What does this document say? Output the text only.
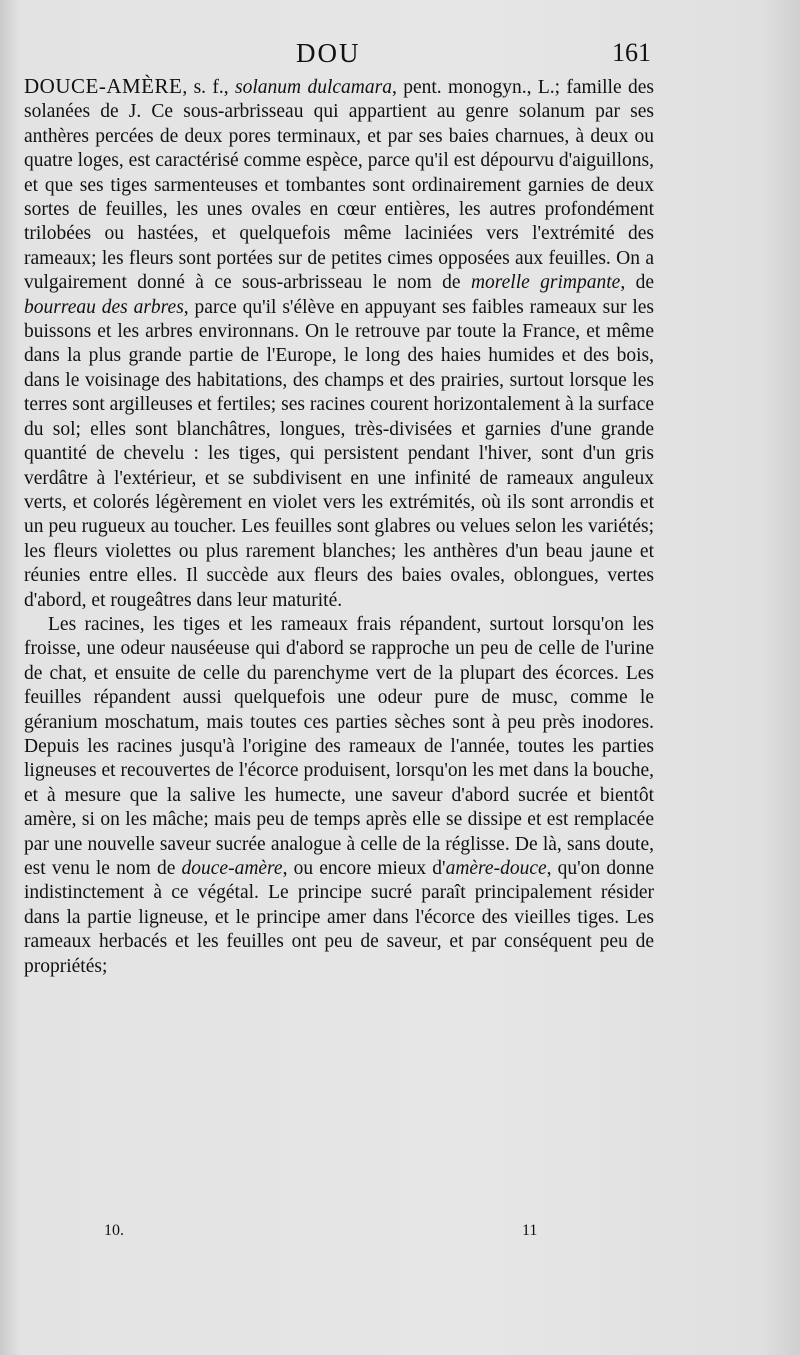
DOU	161

DOUCE-AMÈRE, s. f., solanum dulcamara, pent. monogyn., L.; famille des solanées de J. Ce sous-arbrisseau qui appartient au genre solanum par ses anthères percées de deux pores terminaux, et par ses baies charnues, à deux ou quatre loges, est caractérisé comme espèce, parce qu'il est dépourvu d'aiguillons, et que ses tiges sarmenteuses et tombantes sont ordinairement garnies de deux sortes de feuilles, les unes ovales en cœur entières, les autres profondément trilobées ou hastées, et quelquefois même laciniées vers l'extrémité des rameaux; les fleurs sont portées sur de petites cimes opposées aux feuilles. On a vulgairement donné à ce sous-arbrisseau le nom de morelle grimpante, de bourreau des arbres, parce qu'il s'élève en appuyant ses faibles rameaux sur les buissons et les arbres environnans. On le retrouve par toute la France, et même dans la plus grande partie de l'Europe, le long des haies humides et des bois, dans le voisinage des habitations, des champs et des prairies, surtout lorsque les terres sont argilleuses et fertiles; ses racines courent horizontalement à la surface du sol; elles sont blanchâtres, longues, très-divisées et garnies d'une grande quantité de chevelu : les tiges, qui persistent pendant l'hiver, sont d'un gris verdâtre à l'extérieur, et se subdivisent en une infinité de rameaux anguleux verts, et colorés légèrement en violet vers les extrémités, où ils sont arrondis et un peu rugueux au toucher. Les feuilles sont glabres ou velues selon les variétés; les fleurs violettes ou plus rarement blanches; les anthères d'un beau jaune et réunies entre elles. Il succède aux fleurs des baies ovales, oblongues, vertes d'abord, et rougeâtres dans leur maturité.

Les racines, les tiges et les rameaux frais répandent, surtout lorsqu'on les froisse, une odeur nauséeuse qui d'abord se rapproche un peu de celle de l'urine de chat, et ensuite de celle du parenchyme vert de la plupart des écorces. Les feuilles répandent aussi quelquefois une odeur pure de musc, comme le géranium moschatum, mais toutes ces parties sèches sont à peu près inodores. Depuis les racines jusqu'à l'origine des rameaux de l'année, toutes les parties ligneuses et recouvertes de l'écorce produisent, lorsqu'on les met dans la bouche, et à mesure que la salive les humecte, une saveur d'abord sucrée et bientôt amère, si on les mâche; mais peu de temps après elle se dissipe et est remplacée par une nouvelle saveur sucrée analogue à celle de la réglisse. De là, sans doute, est venu le nom de douce-amère, ou encore mieux d'amère-douce, qu'on donne indistinctement à ce végétal. Le principe sucré paraît principalement résider dans la partie ligneuse, et le principe amer dans l'écorce des vieilles tiges. Les rameaux herbacés et les feuilles ont peu de saveur, et par conséquent peu de propriétés;

10.	11
